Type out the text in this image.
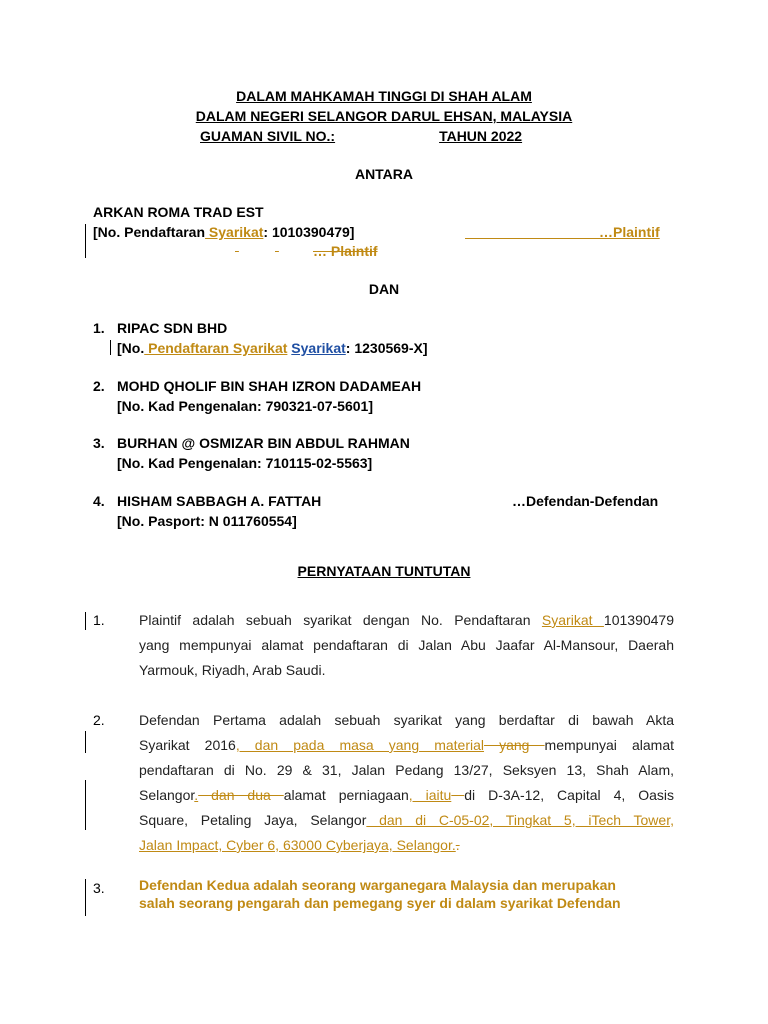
DALAM MAHKAMAH TINGGI DI SHAH ALAM
DALAM NEGERI SELANGOR DARUL EHSAN, MALAYSIA
GUAMAN SIVIL NO.:	TAHUN 2022
ANTARA
ARKAN ROMA TRAD EST
[No. Pendaftaran Syarikat: 1010390479]	…Plaintif
… Plaintif
DAN
1. RIPAC SDN BHD
[No. Pendaftaran Syarikat Syarikat: 1230569-X]
2. MOHD QHOLIF BIN SHAH IZRON DADAMEAH
[No. Kad Pengenalan: 790321-07-5601]
3. BURHAN @ OSMIZAR BIN ABDUL RAHMAN
[No. Kad Pengenalan: 710115-02-5563]
4. HISHAM SABBAGH A. FATTAH	…Defendan-Defendan
[No. Pasport: N 011760554]
PERNYATAAN TUNTUTAN
1. Plaintif adalah sebuah syarikat dengan No. Pendaftaran Syarikat 101390479
yang mempunyai alamat pendaftaran di Jalan Abu Jaafar Al-Mansour, Daerah
Yarmouk, Riyadh, Arab Saudi.
2. Defendan Pertama adalah sebuah syarikat yang berdaftar di bawah Akta
Syarikat 2016, dan pada masa yang material yang mempunyai alamat
pendaftaran di No. 29 & 31, Jalan Pedang 13/27, Seksyen 13, Shah Alam,
Selangor. dan dua alamat perniagaan, iaitu di D-3A-12, Capital 4, Oasis
Square, Petaling Jaya, Selangor dan di C-05-02, Tingkat 5, iTech Tower,
Jalan Impact, Cyber 6, 63000 Cyberjaya, Selangor..
3. Defendan Kedua adalah seorang warganegara Malaysia dan merupakan
salah seorang pengarah dan pemegang syer di dalam syarikat Defendan
